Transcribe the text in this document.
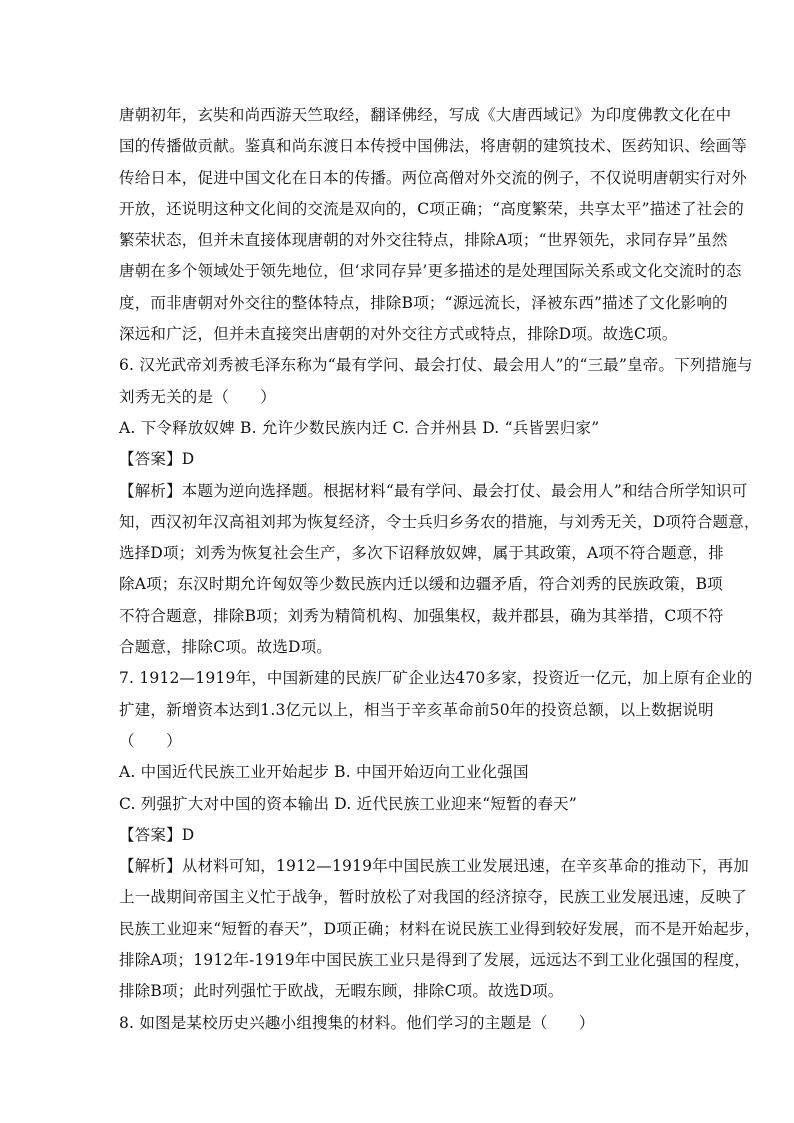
唐朝初年，玄奘和尚西游天竺取经，翻译佛经，写成《大唐西域记》为印度佛教文化在中
国的传播做贡献。鉴真和尚东渡日本传授中国佛法，将唐朝的建筑技术、医药知识、绘画等
传给日本，促进中国文化在日本的传播。两位高僧对外交流的例子，不仅说明唐朝实行对外
开放，还说明这种文化间的交流是双向的，C项正确；“高度繁荣，共享太平”描述了社会的
繁荣状态，但并未直接体现唐朝的对外交往特点，排除A项；“世界领先，求同存异”虽然
唐朝在多个领域处于领先地位，但‘求同存异’更多描述的是处理国际关系或文化交流时的态
度，而非唐朝对外交往的整体特点，排除B项；“源远流长，泽被东西”描述了文化影响的
深远和广泛，但并未直接突出唐朝的对外交往方式或特点，排除D项。故选C项。
6. 汉光武帝刘秀被毛泽东称为“最有学问、最会打仗、最会用人”的“三最”皇帝。下列措施与
刘秀无关的是（　　）
A. 下令释放奴婢 B. 允许少数民族内迁 C. 合并州县 D. “兵皆罢归家”
【答案】D
【解析】本题为逆向选择题。根据材料“最有学问、最会打仗、最会用人”和结合所学知识可
知，西汉初年汉高祖刘邦为恢复经济，令士兵归乡务农的措施，与刘秀无关，D项符合题意，
选择D项；刘秀为恢复社会生产，多次下诏释放奴婢，属于其政策，A项不符合题意，排
除A项；东汉时期允许匈奴等少数民族内迁以缓和边疆矛盾，符合刘秀的民族政策，B项
不符合题意，排除B项；刘秀为精简机构、加强集权，裁并郡县，确为其举措，C项不符
合题意，排除C项。故选D项。
7. 1912—1919年，中国新建的民族厂矿企业达470多家，投资近一亿元，加上原有企业的
扩建，新增资本达到1.3亿元以上，相当于辛亥革命前50年的投资总额，以上数据说明
（　　）
A. 中国近代民族工业开始起步 B. 中国开始迈向工业化强国
C. 列强扩大对中国的资本输出 D. 近代民族工业迎来“短暂的春天”
【答案】D
【解析】从材料可知，1912—1919年中国民族工业发展迅速，在辛亥革命的推动下，再加
上一战期间帝国主义忙于战争，暂时放松了对我国的经济掠夺，民族工业发展迅速，反映了
民族工业迎来“短暂的春天”，D项正确；材料在说民族工业得到较好发展，而不是开始起步，
排除A项；1912年-1919年中国民族工业只是得到了发展，远远达不到工业化强国的程度，
排除B项；此时列强忙于欧战，无暇东顾，排除C项。故选D项。
8. 如图是某校历史兴趣小组搜集的材料。他们学习的主题是（　　）
